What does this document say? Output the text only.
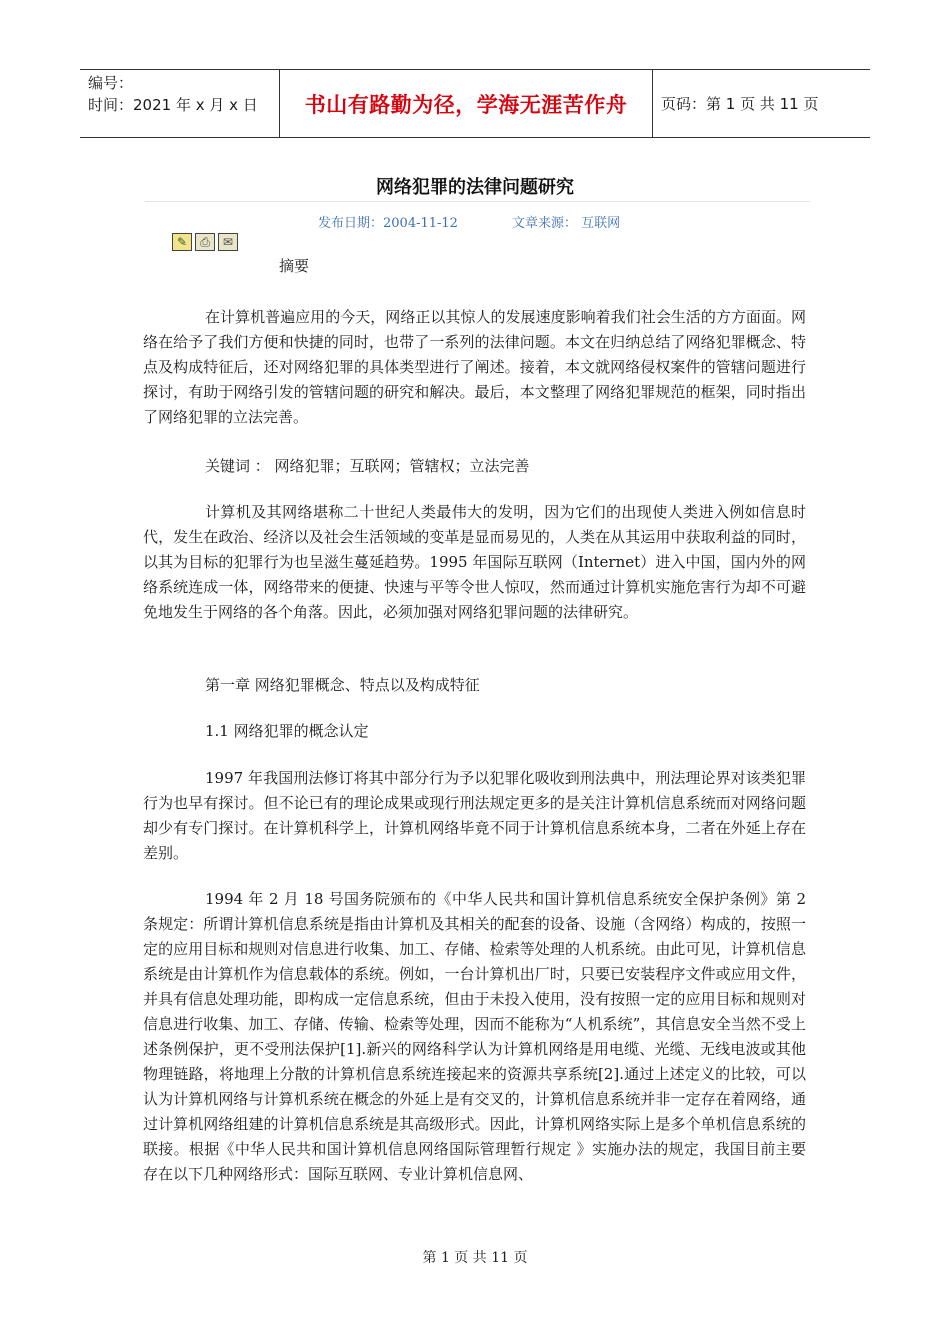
编号：
时间：2021 年 x 月 x 日	书山有路勤为径，学海无涯苦作舟	页码：第 1 页 共 11 页
网络犯罪的法律问题研究
发布日期：2004-11-12	文章来源： 互联网
✎	⎙	✉
摘要
在计算机普遍应用的今天，网络正以其惊人的发展速度影响着我们社会生活的方方面面。网络在给予了我们方便和快捷的同时，也带了一系列的法律问题。本文在归纳总结了网络犯罪概念、特点及构成特征后，还对网络犯罪的具体类型进行了阐述。接着，本文就网络侵权案件的管辖问题进行探讨，有助于网络引发的管辖问题的研究和解决。最后，本文整理了网络犯罪规范的框架，同时指出了网络犯罪的立法完善。
关键词 ： 网络犯罪；互联网；管辖权；立法完善
计算机及其网络堪称二十世纪人类最伟大的发明，因为它们的出现使人类进入例如信息时代，发生在政治、经济以及社会生活领域的变革是显而易见的，人类在从其运用中获取利益的同时，以其为目标的犯罪行为也呈滋生蔓延趋势。1995 年国际互联网（Internet）进入中国，国内外的网络系统连成一体，网络带来的便捷、快速与平等令世人惊叹，然而通过计算机实施危害行为却不可避免地发生于网络的各个角落。因此，必须加强对网络犯罪问题的法律研究。
第一章 网络犯罪概念、特点以及构成特征
1.1 网络犯罪的概念认定
1997 年我国刑法修订将其中部分行为予以犯罪化吸收到刑法典中，刑法理论界对该类犯罪行为也早有探讨。但不论已有的理论成果或现行刑法规定更多的是关注计算机信息系统而对网络问题却少有专门探讨。在计算机科学上，计算机网络毕竟不同于计算机信息系统本身，二者在外延上存在差别。
1994 年 2 月 18 号国务院颁布的《中华人民共和国计算机信息系统安全保护条例》第 2 条规定：所谓计算机信息系统是指由计算机及其相关的配套的设备、设施（含网络）构成的，按照一定的应用目标和规则对信息进行收集、加工、存储、检索等处理的人机系统。由此可见，计算机信息系统是由计算机作为信息载体的系统。例如，一台计算机出厂时，只要已安装程序文件或应用文件，并具有信息处理功能，即构成一定信息系统，但由于未投入使用，没有按照一定的应用目标和规则对信息进行收集、加工、存储、传输、检索等处理，因而不能称为“人机系统”，其信息安全当然不受上述条例保护，更不受刑法保护[1].新兴的网络科学认为计算机网络是用电缆、光缆、无线电波或其他物理链路，将地理上分散的计算机信息系统连接起来的资源共享系统[2].通过上述定义的比较，可以认为计算机网络与计算机系统在概念的外延上是有交叉的，计算机信息系统并非一定存在着网络，通过计算机网络组建的计算机信息系统是其高级形式。因此，计算机网络实际上是多个单机信息系统的联接。根据《中华人民共和国计算机信息网络国际管理暂行规定 》实施办法的规定，我国目前主要存在以下几种网络形式：国际互联网、专业计算机信息网、
第 1 页 共 11 页
